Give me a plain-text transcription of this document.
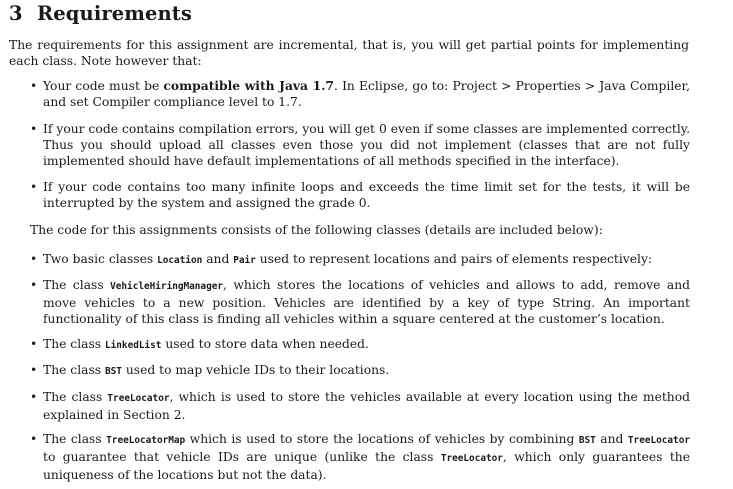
3 Requirements
The requirements for this assignment are incremental, that is, you will get partial points for implementing each class. Note however that:
• Your code must be compatible with Java 1.7. In Eclipse, go to: Project > Properties > Java Compiler, and set Compiler compliance level to 1.7.
• If your code contains compilation errors, you will get 0 even if some classes are implemented correctly. Thus you should upload all classes even those you did not implement (classes that are not fully implemented should have default implementations of all methods specified in the interface).
• If your code contains too many infinite loops and exceeds the time limit set for the tests, it will be interrupted by the system and assigned the grade 0.
The code for this assignments consists of the following classes (details are included below):
• Two basic classes Location and Pair used to represent locations and pairs of elements respectively:
• The class VehicleHiringManager, which stores the locations of vehicles and allows to add, remove and move vehicles to a new position. Vehicles are identified by a key of type String. An important functionality of this class is finding all vehicles within a square centered at the customer’s location.
• The class LinkedList used to store data when needed.
• The class BST used to map vehicle IDs to their locations.
• The class TreeLocator, which is used to store the vehicles available at every location using the method explained in Section 2.
• The class TreeLocatorMap which is used to store the locations of vehicles by combining BST and TreeLocator to guarantee that vehicle IDs are unique (unlike the class TreeLocator, which only guarantees the uniqueness of the locations but not the data).
